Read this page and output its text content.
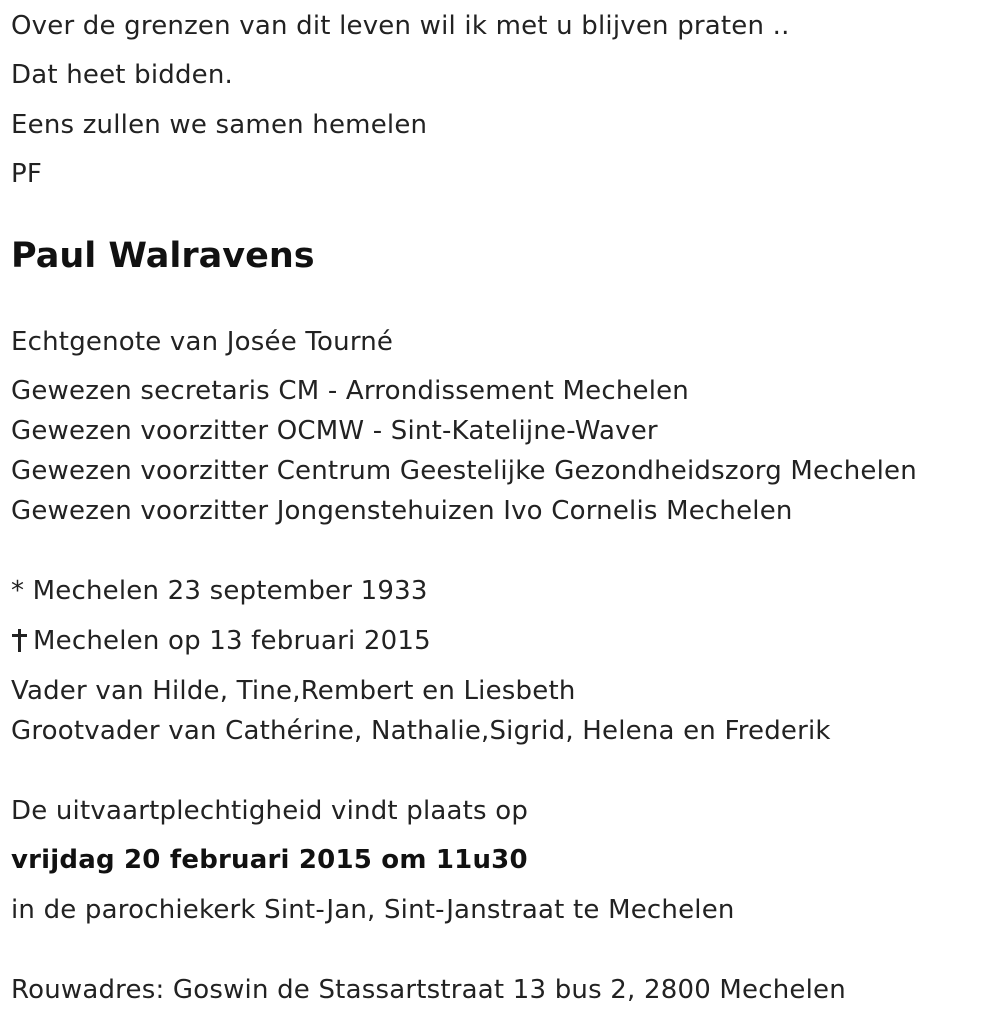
Over de grenzen van dit leven wil ik met u blijven praten ..
Dat heet bidden.
Eens zullen we samen hemelen
PF
Paul Walravens
Echtgenote van Josée Tourné
Gewezen secretaris CM - Arrondissement Mechelen
Gewezen voorzitter OCMW - Sint-Katelijne-Waver
Gewezen voorzitter Centrum Geestelijke Gezondheidszorg Mechelen
Gewezen voorzitter Jongenstehuizen Ivo Cornelis Mechelen
* Mechelen 23 september 1933
Mechelen op 13 februari 2015
Vader van Hilde, Tine,Rembert en Liesbeth
Grootvader van Cathérine, Nathalie,Sigrid, Helena en Frederik
De uitvaartplechtigheid vindt plaats op
vrijdag 20 februari 2015 om 11u30
in de parochiekerk Sint-Jan, Sint-Janstraat te Mechelen
Rouwadres: Goswin de Stassartstraat 13 bus 2, 2800 Mechelen
